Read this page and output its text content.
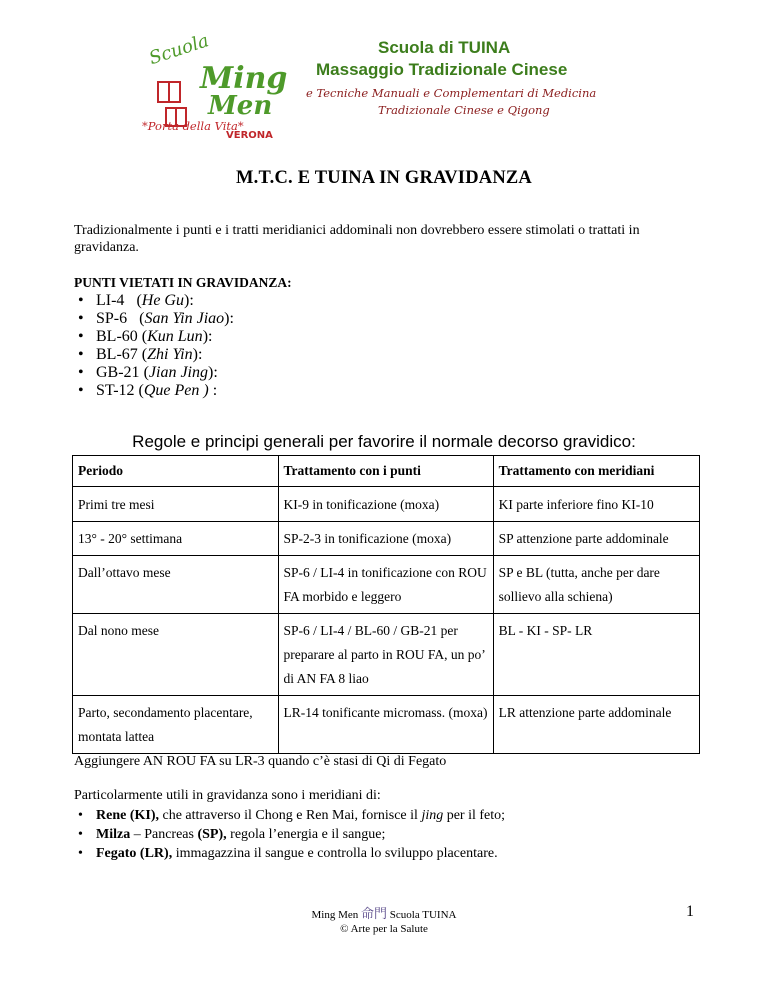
Scuola
Ming
Men
*Porta della Vita*
VERONA
Scuola di TUINA
Massaggio Tradizionale Cinese
e Tecniche Manuali e Complementari di Medicina
Tradizionale Cinese e Qigong
M.T.C. E TUINA IN GRAVIDANZA
Tradizionalmente i punti e i tratti meridianici addominali non dovrebbero essere stimolati o trattati in gravidanza.
PUNTI VIETATI IN GRAVIDANZA:
• LI-4   (He Gu):
• SP-6   (San Yin Jiao):
• BL-60 (Kun Lun):
• BL-67 (Zhi Yin):
• GB-21 (Jian Jing):
• ST-12 (Que Pen ) :
Regole e principi generali per favorire il normale decorso gravidico:
Periodo	Trattamento con i punti	Trattamento con meridiani
Primi tre mesi	KI-9 in tonificazione (moxa)	KI parte inferiore fino KI-10
13° - 20° settimana	SP-2-3 in tonificazione (moxa)	SP attenzione parte addominale
Dall’ottavo mese	SP-6 / LI-4 in tonificazione con ROU FA morbido e leggero	SP e BL (tutta, anche per dare sollievo alla schiena)
Dal nono mese	SP-6 / LI-4 / BL-60 / GB-21 per preparare al parto in ROU FA, un po’ di AN FA 8 liao	BL - KI - SP- LR
Parto, secondamento placentare, montata lattea	LR-14 tonificante micromass. (moxa)	LR attenzione parte addominale
Aggiungere AN ROU FA su LR-3 quando c’è stasi di Qi di Fegato
Particolarmente utili in gravidanza sono i meridiani di:
• Rene (KI), che attraverso il Chong e Ren Mai, fornisce il jing per il feto;
• Milza – Pancreas (SP), regola l’energia e il sangue;
• Fegato (LR), immagazzina il sangue e controlla lo sviluppo placentare.
Ming Men 命門 Scuola TUINA
© Arte per la Salute
1
